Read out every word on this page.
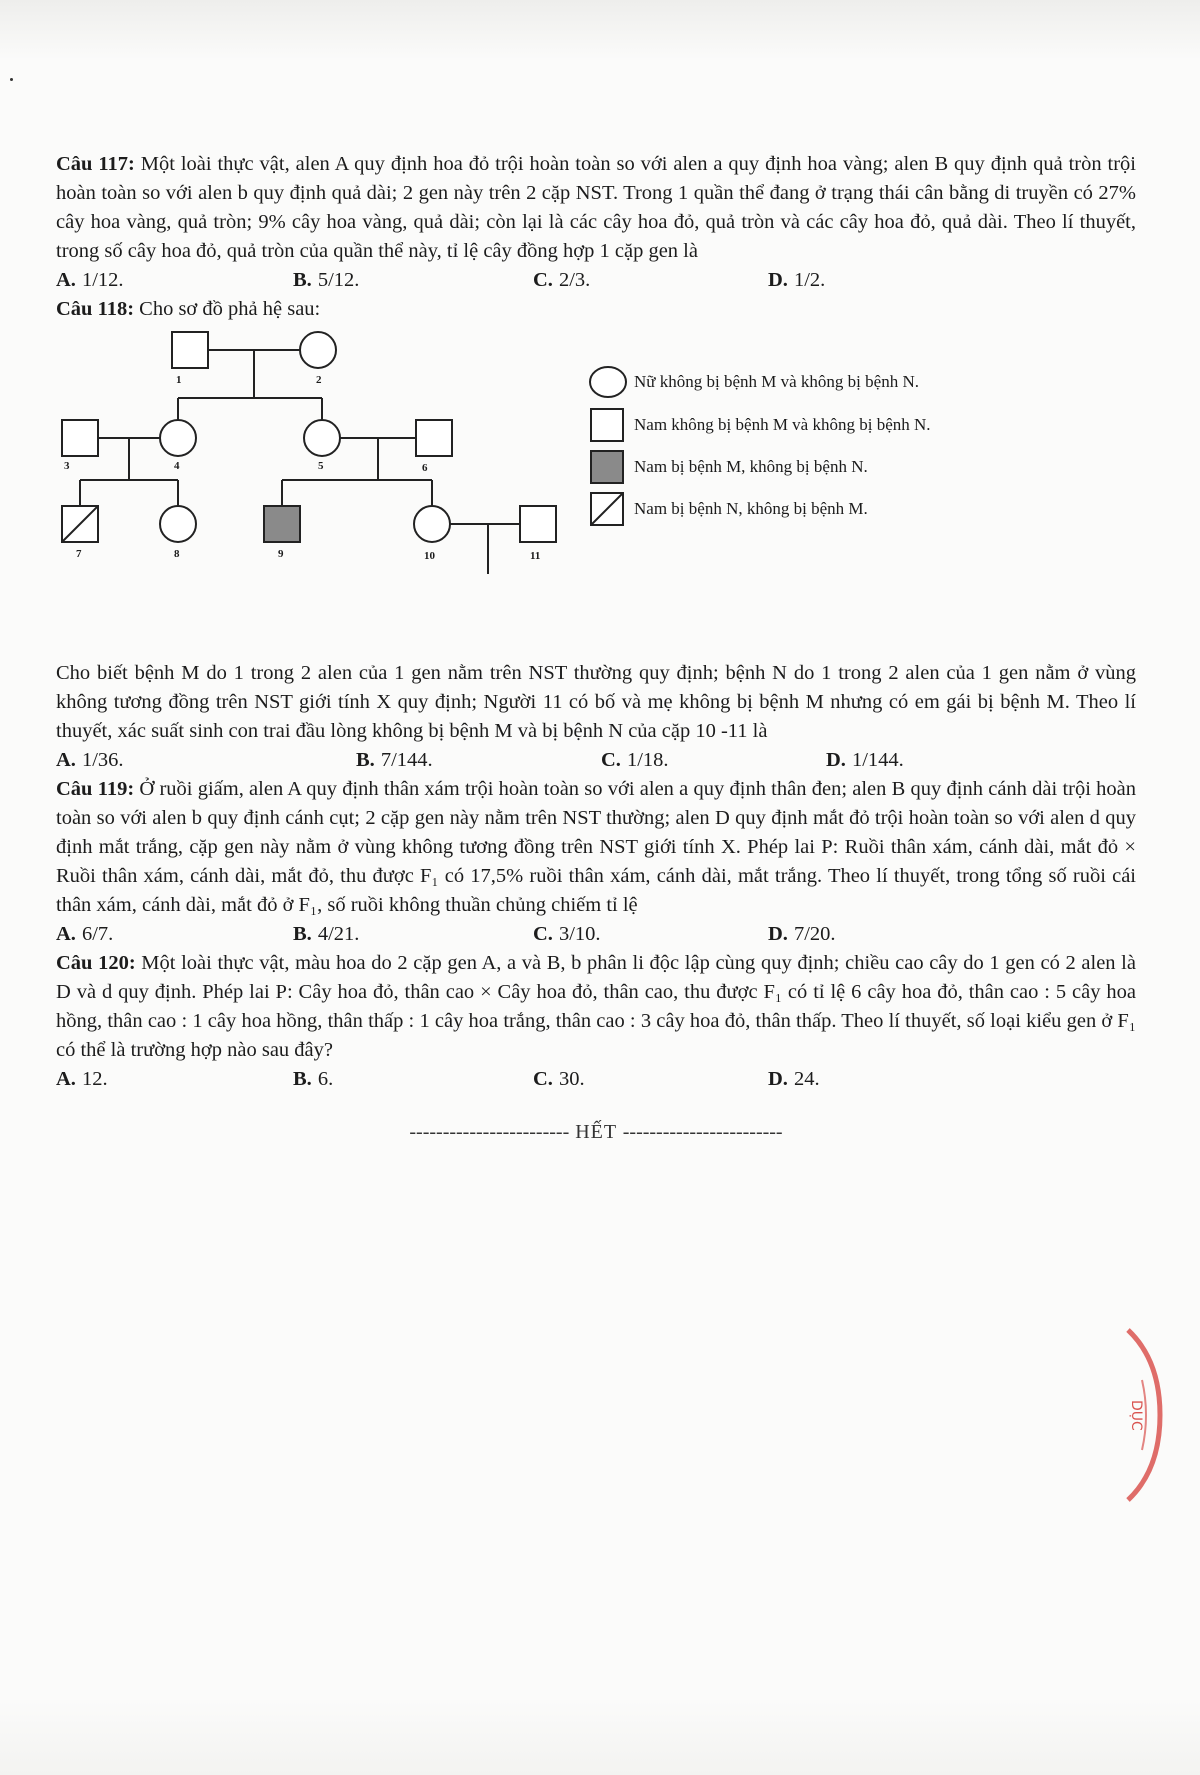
Câu 117: Một loài thực vật, alen A quy định hoa đỏ trội hoàn toàn so với alen a quy định hoa vàng; alen B quy định quả tròn trội hoàn toàn so với alen b quy định quả dài; 2 gen này trên 2 cặp NST. Trong 1 quần thể đang ở trạng thái cân bằng di truyền có 27% cây hoa vàng, quả tròn; 9% cây hoa vàng, quả dài; còn lại là các cây hoa đỏ, quả tròn và các cây hoa đỏ, quả dài. Theo lí thuyết, trong số cây hoa đỏ, quả tròn của quần thể này, tỉ lệ cây đồng hợp 1 cặp gen là

A. 1/12.	B. 5/12.	C. 2/3.	D. 1/2.

Câu 118: Cho sơ đồ phả hệ sau:

1	2
3	4	5	6
7	8	9	10	11
Nữ không bị bệnh M và không bị bệnh N.
Nam không bị bệnh M và không bị bệnh N.
Nam bị bệnh M, không bị bệnh N.
Nam bị bệnh N, không bị bệnh M.

Cho biết bệnh M do 1 trong 2 alen của 1 gen nằm trên NST thường quy định; bệnh N do 1 trong 2 alen của 1 gen nằm ở vùng không tương đồng trên NST giới tính X quy định; Người 11 có bố và mẹ không bị bệnh M nhưng có em gái bị bệnh M. Theo lí thuyết, xác suất sinh con trai đầu lòng không bị bệnh M và bị bệnh N của cặp 10 -11 là

A. 1/36.	B. 7/144.	C. 1/18.	D. 1/144.

Câu 119: Ở ruồi giấm, alen A quy định thân xám trội hoàn toàn so với alen a quy định thân đen; alen B quy định cánh dài trội hoàn toàn so với alen b quy định cánh cụt; 2 cặp gen này nằm trên NST thường; alen D quy định mắt đỏ trội hoàn toàn so với alen d quy định mắt trắng, cặp gen này nằm ở vùng không tương đồng trên NST giới tính X. Phép lai P: Ruồi thân xám, cánh dài, mắt đỏ × Ruồi thân xám, cánh dài, mắt đỏ, thu được F₁ có 17,5% ruồi thân xám, cánh dài, mắt trắng. Theo lí thuyết, trong tổng số ruồi cái thân xám, cánh dài, mắt đỏ ở F₁, số ruồi không thuần chủng chiếm tỉ lệ

A. 6/7.	B. 4/21.	C. 3/10.	D. 7/20.

Câu 120: Một loài thực vật, màu hoa do 2 cặp gen A, a và B, b phân li độc lập cùng quy định; chiều cao cây do 1 gen có 2 alen là D và d quy định. Phép lai P: Cây hoa đỏ, thân cao × Cây hoa đỏ, thân cao, thu được F₁ có tỉ lệ 6 cây hoa đỏ, thân cao : 5 cây hoa hồng, thân cao : 1 cây hoa hồng, thân thấp : 1 cây hoa trắng, thân cao : 3 cây hoa đỏ, thân thấp. Theo lí thuyết, số loại kiểu gen ở F₁ có thể là trường hợp nào sau đây?

A. 12.	B. 6.	C. 30.	D. 24.
------------------------ HẾT ------------------------
DỤC
